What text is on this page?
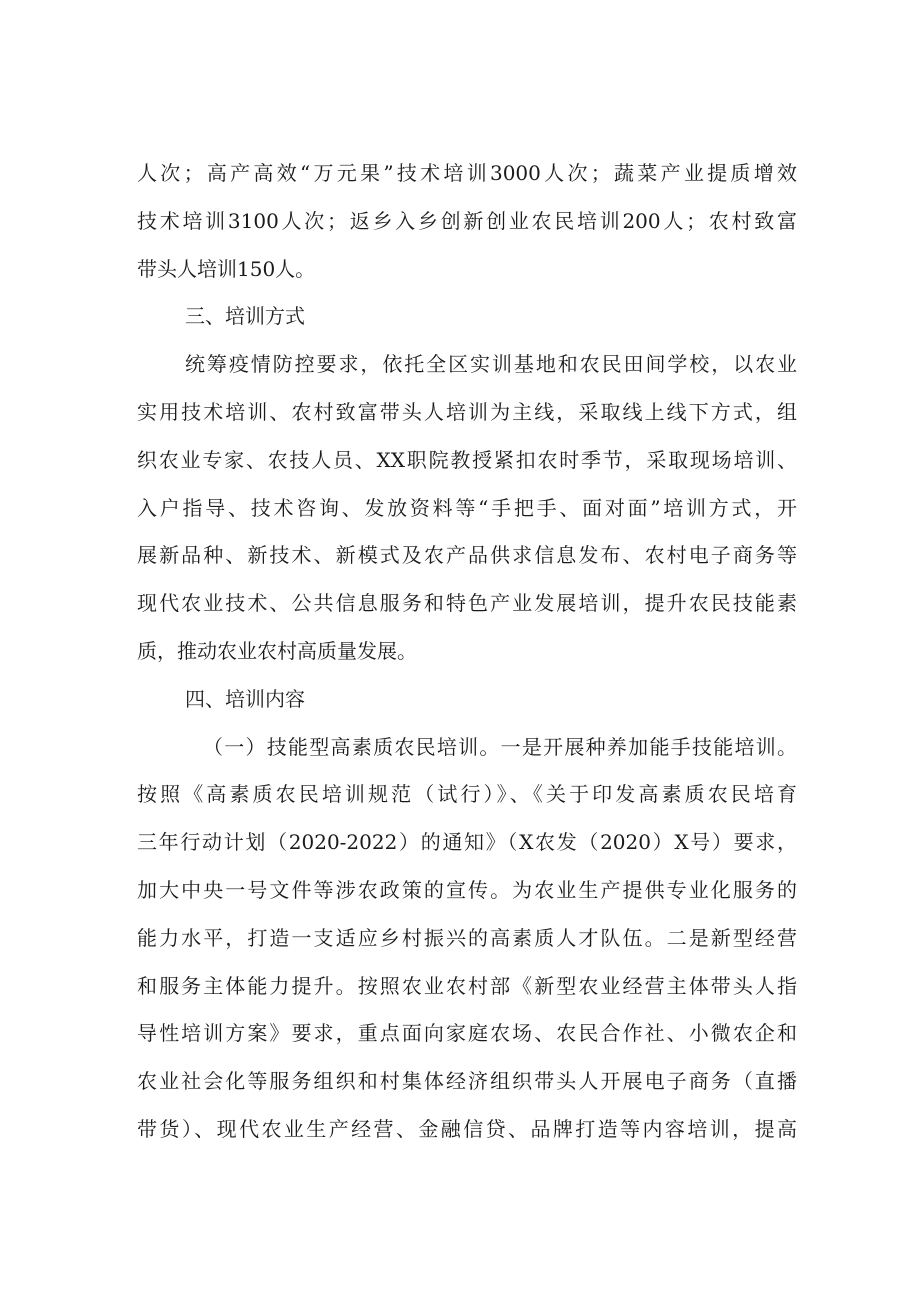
人次；高产高效“万元果”技术培训3000人次；蔬菜产业提质增效
技术培训3100人次；返乡入乡创新创业农民培训200人；农村致富
带头人培训150人。
三、培训方式
统筹疫情防控要求，依托全区实训基地和农民田间学校，以农业
实用技术培训、农村致富带头人培训为主线，采取线上线下方式，组
织农业专家、农技人员、XX职院教授紧扣农时季节，采取现场培训、
入户指导、技术咨询、发放资料等“手把手、面对面”培训方式，开
展新品种、新技术、新模式及农产品供求信息发布、农村电子商务等
现代农业技术、公共信息服务和特色产业发展培训，提升农民技能素
质，推动农业农村高质量发展。
四、培训内容
（一）技能型高素质农民培训。一是开展种养加能手技能培训。
按照《高素质农民培训规范（试行）》、《关于印发高素质农民培育
三年行动计划（2020-2022）的通知》（X农发（2020）X号）要求，
加大中央一号文件等涉农政策的宣传。为农业生产提供专业化服务的
能力水平，打造一支适应乡村振兴的高素质人才队伍。二是新型经营
和服务主体能力提升。按照农业农村部《新型农业经营主体带头人指
导性培训方案》要求，重点面向家庭农场、农民合作社、小微农企和
农业社会化等服务组织和村集体经济组织带头人开展电子商务（直播
带货）、现代农业生产经营、金融信贷、品牌打造等内容培训，提高
